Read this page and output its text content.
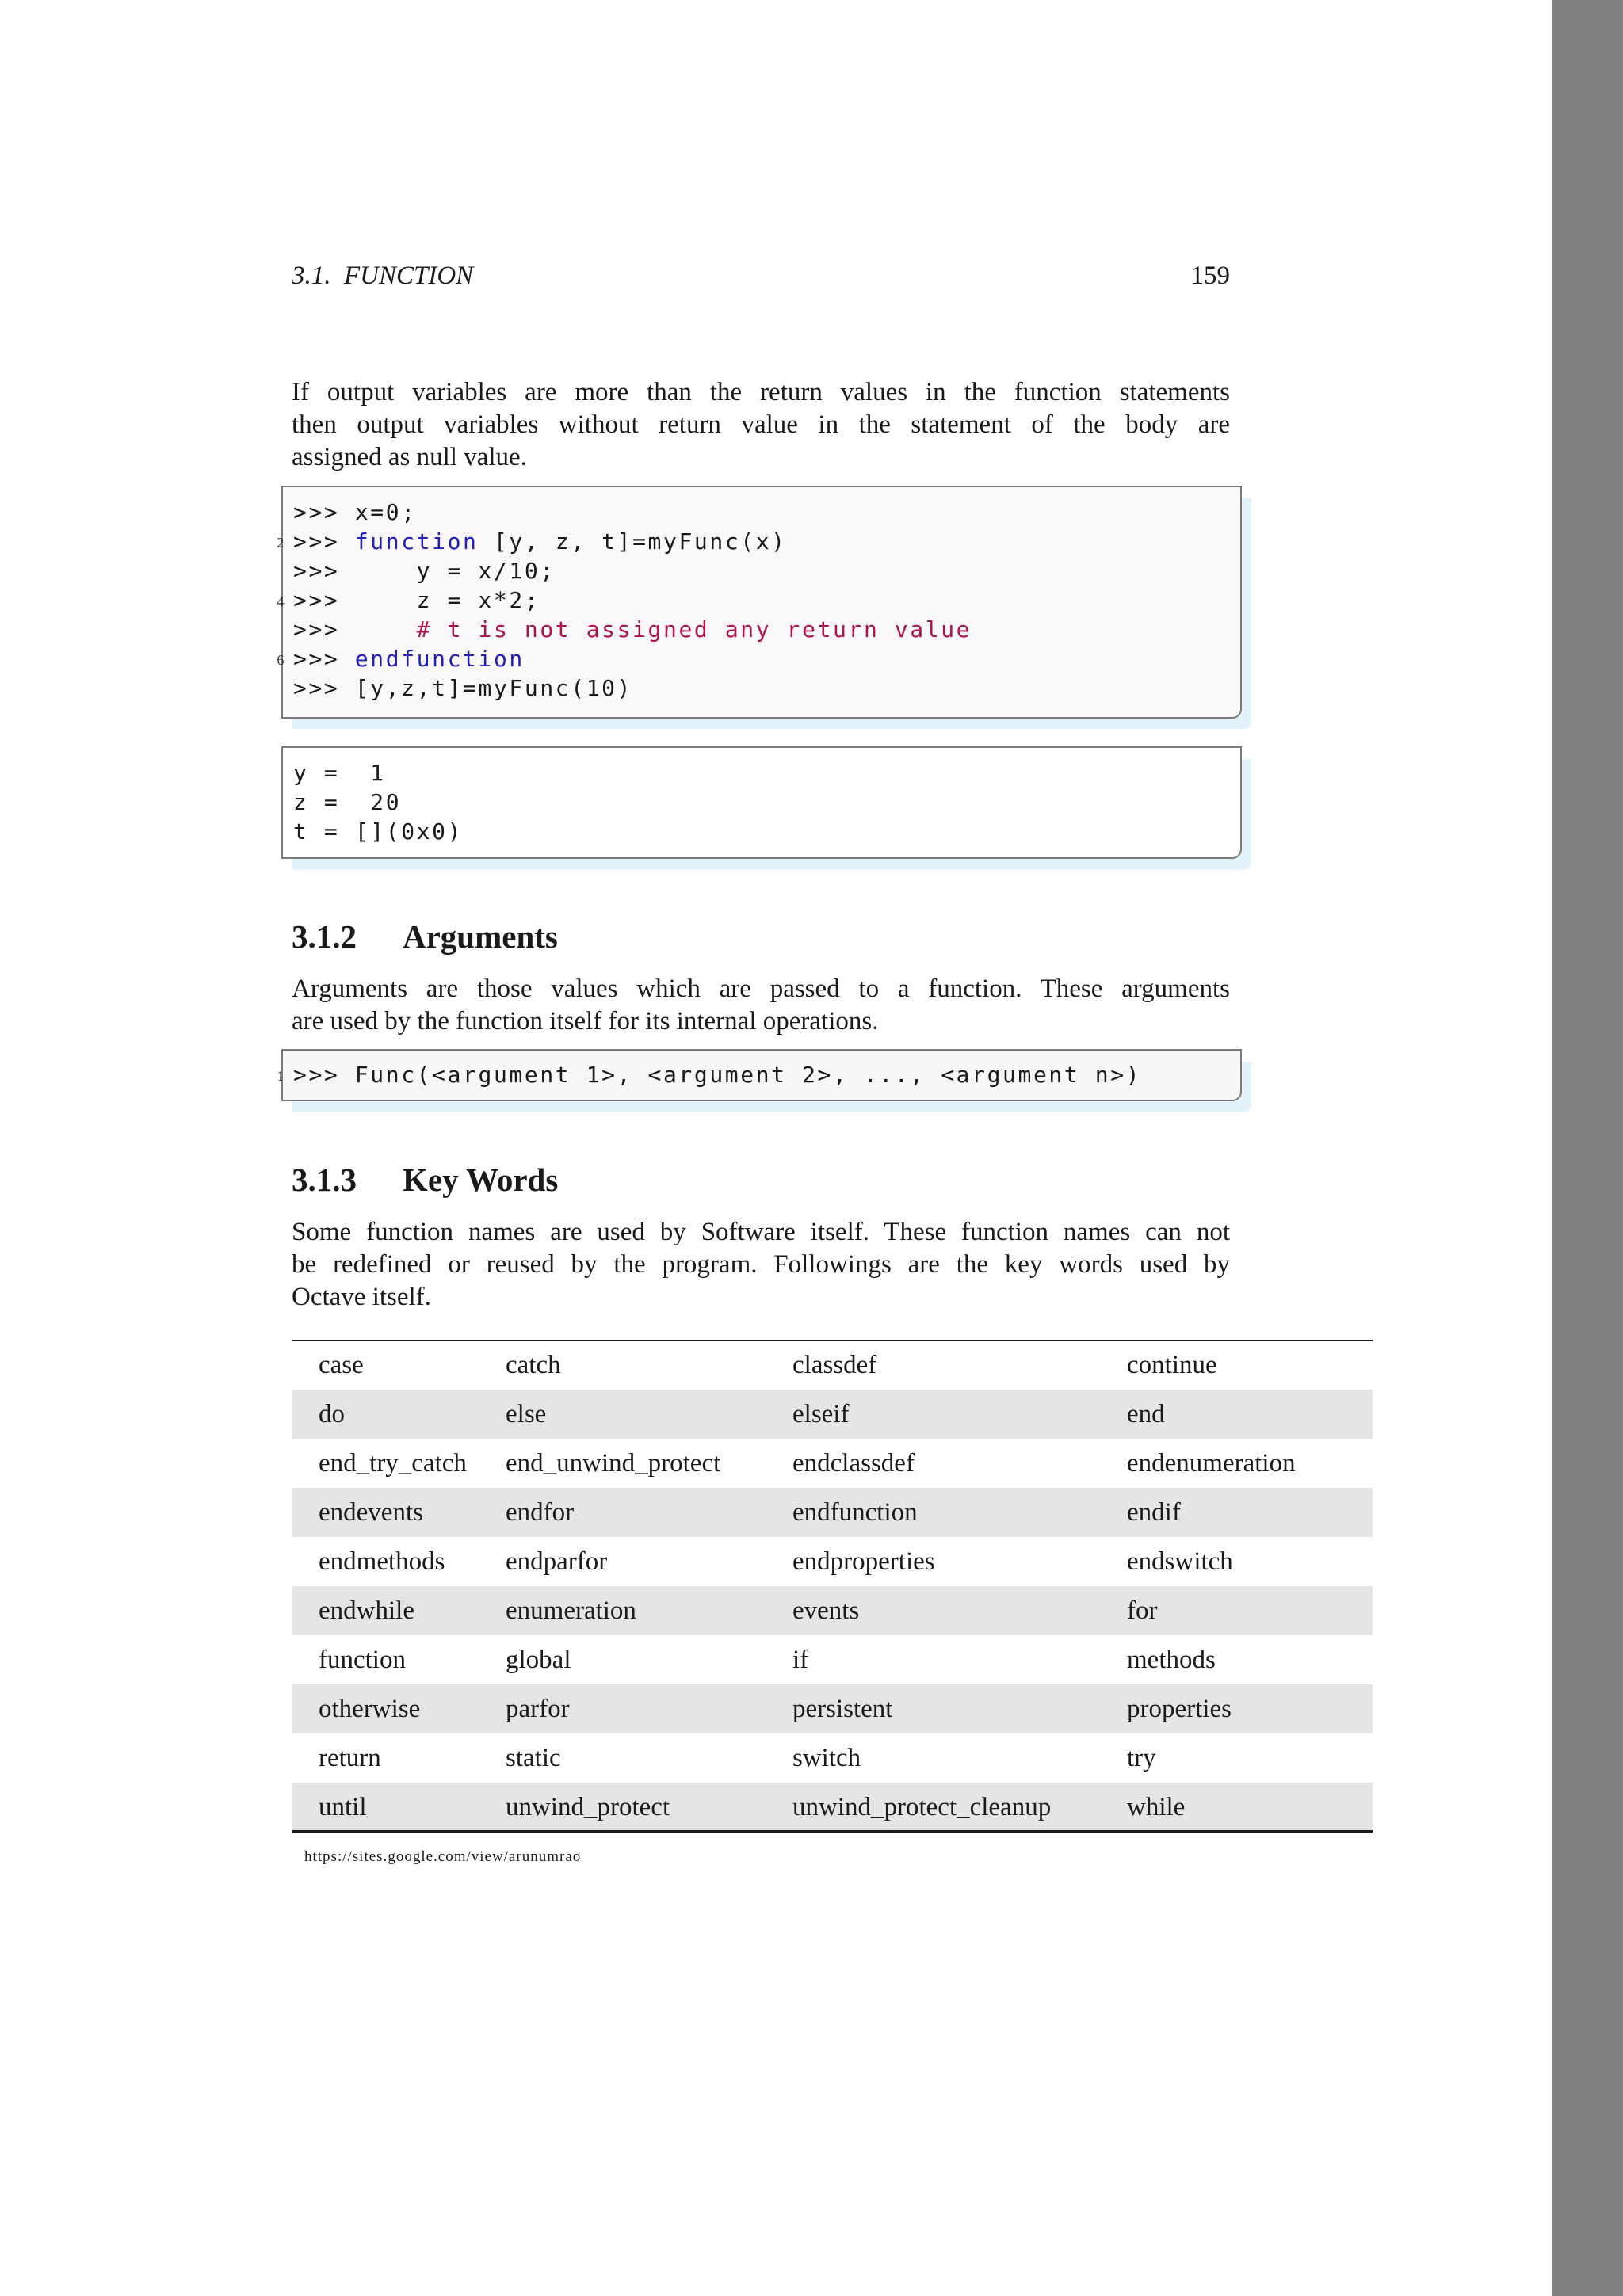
3.1.  FUNCTION	159
If output variables are more than the return values in the function statements
then output variables without return value in the statement of the body are
assigned as null value.
>>> x=0;
2 >>> function [y, z, t]=myFunc(x)
>>>     y = x/10;
4 >>>     z = x*2;
>>>     # t is not assigned any return value
6 >>> endfunction
>>> [y,z,t]=myFunc(10)
y =  1
z =  20
t = [](0x0)
3.1.2 Arguments
Arguments are those values which are passed to a function. These arguments
are used by the function itself for its internal operations.
1 >>> Func(<argument 1>, <argument 2>, ..., <argument n>)
3.1.3 Key Words
Some function names are used by Software itself. These function names can not
be redefined or reused by the program. Followings are the key words used by
Octave itself.
case	catch	classdef	continue
do	else	elseif	end
end_try_catch	end_unwind_protect	endclassdef	endenumeration
endevents	endfor	endfunction	endif
endmethods	endparfor	endproperties	endswitch
endwhile	enumeration	events	for
function	global	if	methods
otherwise	parfor	persistent	properties
return	static	switch	try
until	unwind_protect	unwind_protect_cleanup	while
https://sites.google.com/view/arunumrao
